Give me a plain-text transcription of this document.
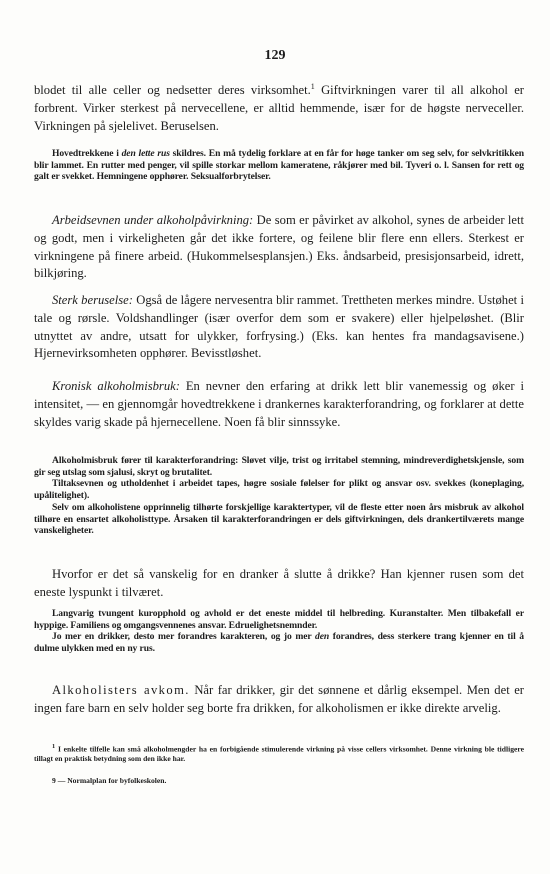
129

blodet til alle celler og nedsetter deres virksomhet.$^1$ Giftvirkningen varer til all alkohol er forbrent. Virker sterkest på nervecellene, er alltid hemmende, især for de høgste nerveceller. Virkningen på sjelelivet. Beruselsen.

Hovedtrekkene i den lette rus skildres. En må tydelig forklare at en får for høge tanker om seg selv, for selvkritikken blir lammet. En rutter med penger, vil spille storkar mellom kameratene, råkjører med bil. Tyveri o. l. Sansen for rett og galt er svekket. Hemningene opphører. Seksualforbrytelser.

Arbeidsevnen under alkoholpåvirkning: De som er påvirket av alkohol, synes de arbeider lett og godt, men i virkeligheten går det ikke fortere, og feilene blir flere enn ellers. Sterkest er virkningene på finere arbeid. (Hukommelsesplansjen.) Eks. åndsarbeid, presisjonsarbeid, idrett, bilkjøring.

Sterk beruselse: Også de lågere nervesentra blir rammet. Trettheten merkes mindre. Ustøhet i tale og rørsle. Voldshandlinger (især overfor dem som er svakere) eller hjelpeløshet. (Blir utnyttet av andre, utsatt for ulykker, forfrysing.) (Eks. kan hentes fra mandagsavisene.) Hjernevirksomheten opphører. Bevisstløshet.

Kronisk alkoholmisbruk: En nevner den erfaring at drikk lett blir vanemessig og øker i intensitet, — en gjennomgår hovedtrekkene i drankernes karakterforandring, og forklarer at dette skyldes varig skade på hjernecellene. Noen få blir sinnssyke.

Alkoholmisbruk fører til karakterforandring: Sløvet vilje, trist og irritabel stemning, mindreverdighetskjensle, som gir seg utslag som sjalusi, skryt og brutalitet.

Tiltaksevnen og utholdenhet i arbeidet tapes, høgre sosiale følelser for plikt og ansvar osv. svekkes (koneplaging, upålitelighet).

Selv om alkoholistene opprinnelig tilhørte forskjellige karaktertyper, vil de fleste etter noen års misbruk av alkohol tilhøre en ensartet alkoholisttype. Årsaken til karakterforandringen er dels giftvirkningen, dels drankertilværets mange vanskeligheter.

Hvorfor er det så vanskelig for en dranker å slutte å drikke? Han kjenner rusen som det eneste lyspunkt i tilværet.

Langvarig tvungent kuropphold og avhold er det eneste middel til helbreding. Kuranstalter. Men tilbakefall er hyppige. Familiens og omgangsvennenes ansvar. Edruelighetsnemnder.

Jo mer en drikker, desto mer forandres karakteren, og jo mer den forandres, dess sterkere trang kjenner en til å dulme ulykken med en ny rus.

Alkoholisters avkom. Når far drikker, gir det sønnene et dårlig eksempel. Men det er ingen fare barn en selv holder seg borte fra drikken, for alkoholismen er ikke direkte arvelig.

$^1$ I enkelte tilfelle kan små alkoholmengder ha en forbigående stimulerende virkning på visse cellers virksomhet. Denne virkning ble tidligere tillagt en praktisk betydning som den ikke har.

9 — Normalplan for byfolkeskolen.
